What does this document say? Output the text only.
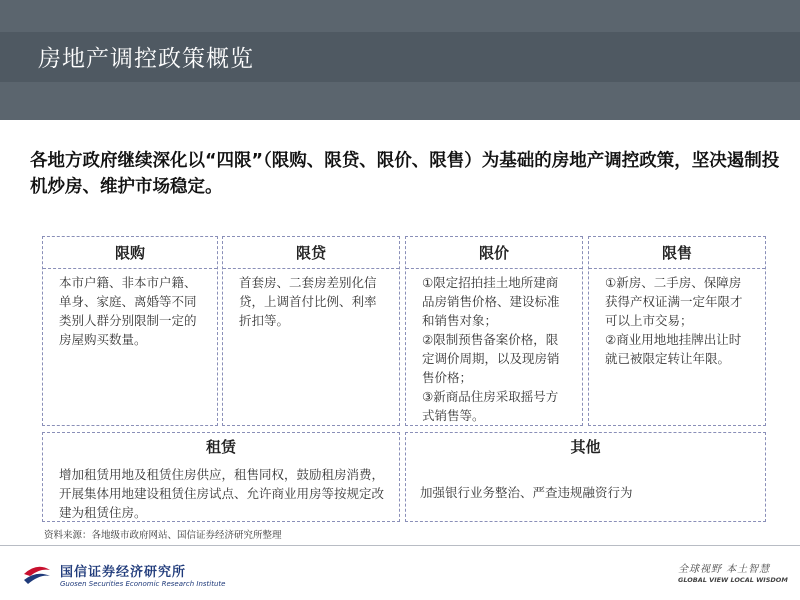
房地产调控政策概览
各地方政府继续深化以“四限”（限购、限贷、限价、限售）为基础的房地产调控政策，坚决遏制投机炒房、维护市场稳定。
限购
本市户籍、非本市户籍、单身、家庭、离婚等不同类别人群分别限制一定的房屋购买数量。
限贷
首套房、二套房差别化信贷，上调首付比例、利率折扣等。
限价
①限定招拍挂土地所建商品房销售价格、建设标准和销售对象；
②限制预售备案价格，限定调价周期，以及现房销售价格；
③新商品住房采取摇号方式销售等。
限售
①新房、二手房、保障房获得产权证满一定年限才可以上市交易；
②商业用地地挂牌出让时就已被限定转让年限。
租赁
增加租赁用地及租赁住房供应，租售同权，鼓励租房消费，开展集体用地建设租赁住房试点、允许商业用房等按规定改建为租赁住房。
其他
加强银行业务整治、严查违规融资行为
资料来源：各地级市政府网站、国信证券经济研究所整理
国信证券经济研究所
Guosen Securities Economic Research Institute
全球视野 本土智慧
GLOBAL VIEW LOCAL WISDOM
